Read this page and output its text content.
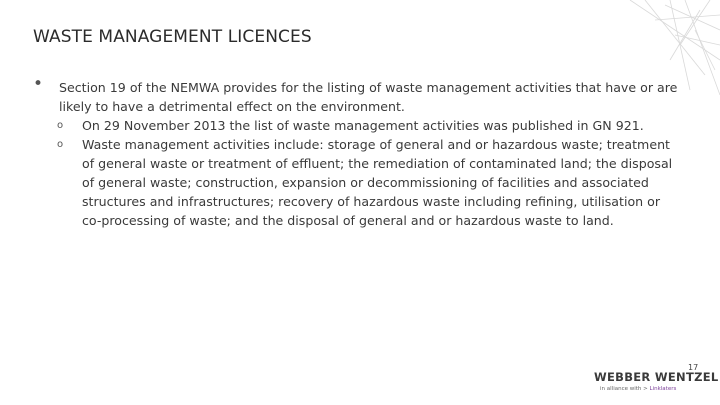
WASTE MANAGEMENT LICENCES
• Section 19 of the NEMWA provides for the listing of waste management activities that have or are likely to have a detrimental effect on the environment.
o On 29 November 2013 the list of waste management activities was published in GN 921.
o Waste management activities include: storage of general and or hazardous waste; treatment of general waste or treatment of effluent; the remediation of contaminated land; the disposal of general waste; construction, expansion or decommissioning of facilities and associated structures and infrastructures; recovery of hazardous waste including refining, utilisation or co-processing of waste; and the disposal of general and or hazardous waste to land.
17
WEBBER WENTZEL
in alliance with > Linklaters
